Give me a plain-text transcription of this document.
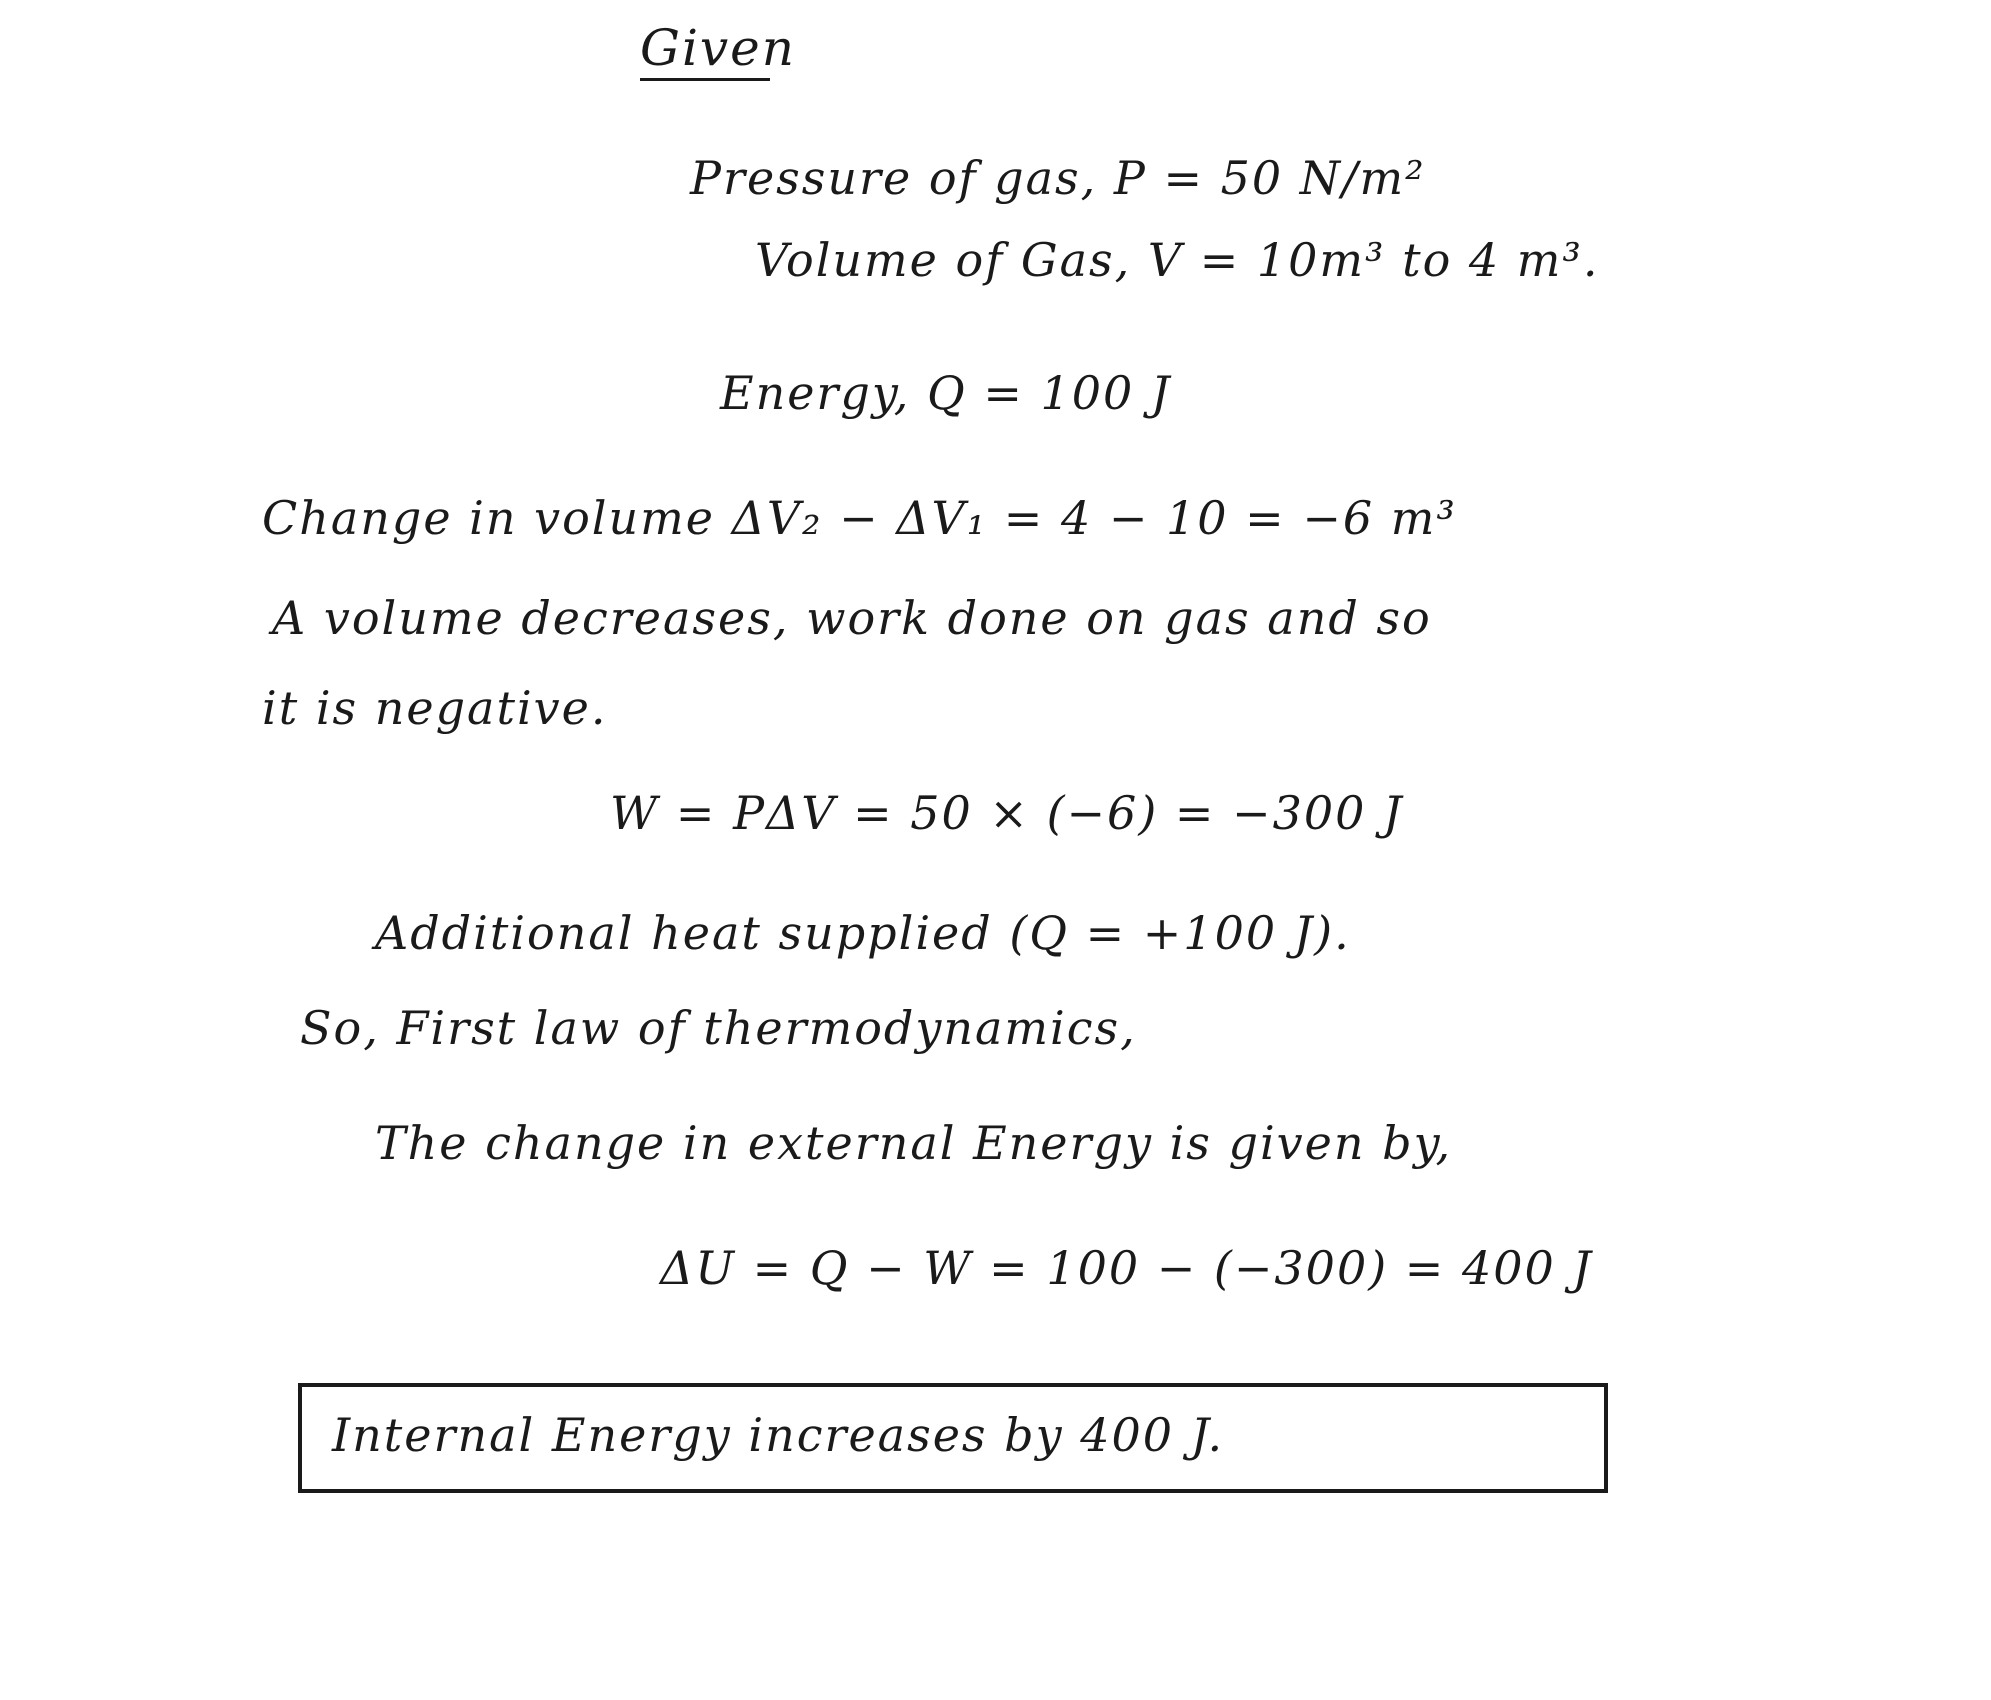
Given
Pressure of gas, P = 50 N/m²
Volume of Gas, V = 10m³ to 4 m³.
Energy, Q = 100 J
Change in volume ΔV₂ − ΔV₁ = 4 − 10 = −6 m³
A volume decreases, work done on gas and so
it is negative.
W = PΔV = 50 × (−6) = −300 J
Additional heat supplied (Q = +100 J).
So, First law of thermodynamics,
The change in external Energy is given by,
ΔU = Q − W = 100 − (−300) = 400 J
Internal Energy increases by 400 J.
